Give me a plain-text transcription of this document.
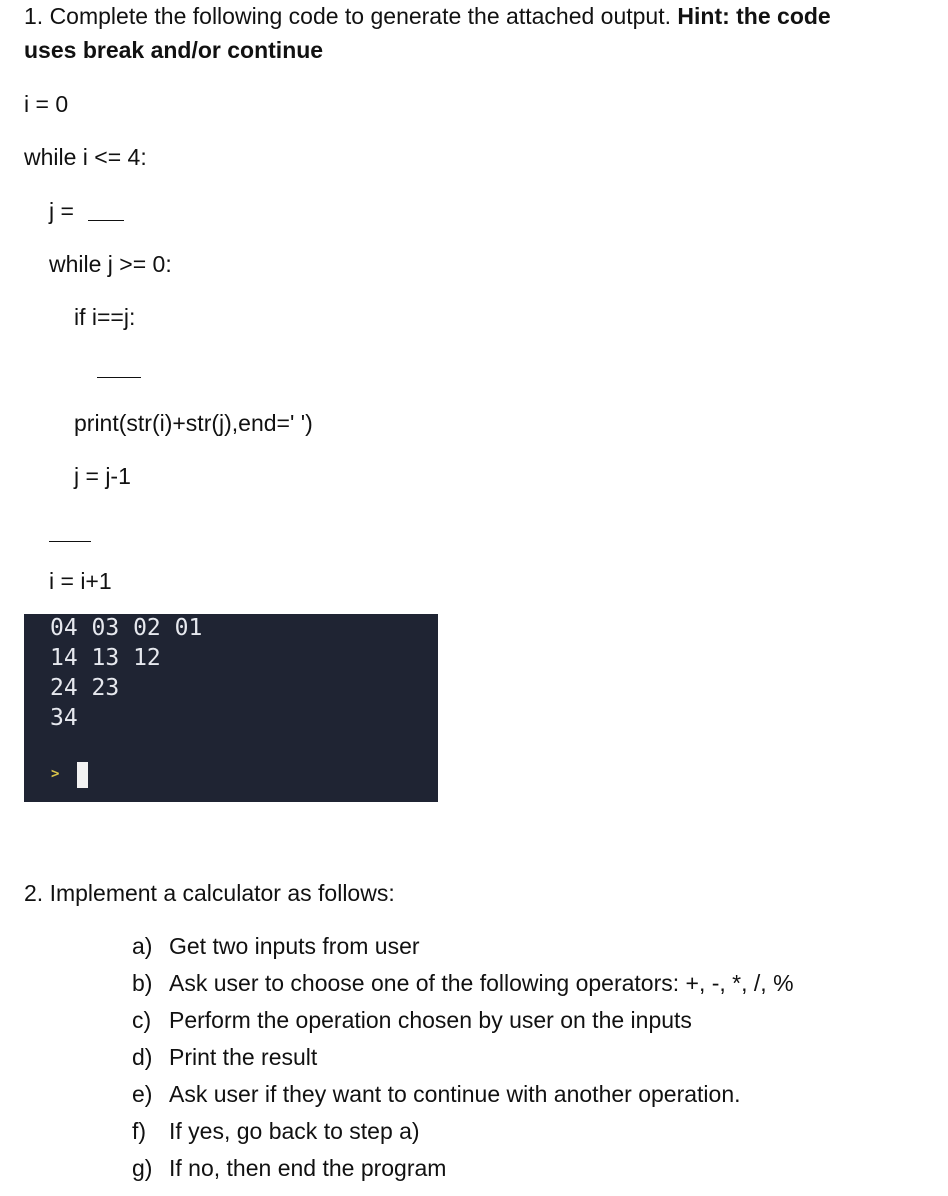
1. Complete the following code to generate the attached output. Hint: the code
uses break and/or continue
i = 0
while i <= 4:
j =
while j >= 0:
if i==j:
print(str(i)+str(j),end=' ')
j = j-1
i = i+1
04 03 02 01
14 13 12
24 23
34
>
2. Implement a calculator as follows:
a) Get two inputs from user
b) Ask user to choose one of the following operators: +, -, *, /, %
c) Perform the operation chosen by user on the inputs
d) Print the result
e) Ask user if they want to continue with another operation.
f) If yes, go back to step a)
g) If no, then end the program
